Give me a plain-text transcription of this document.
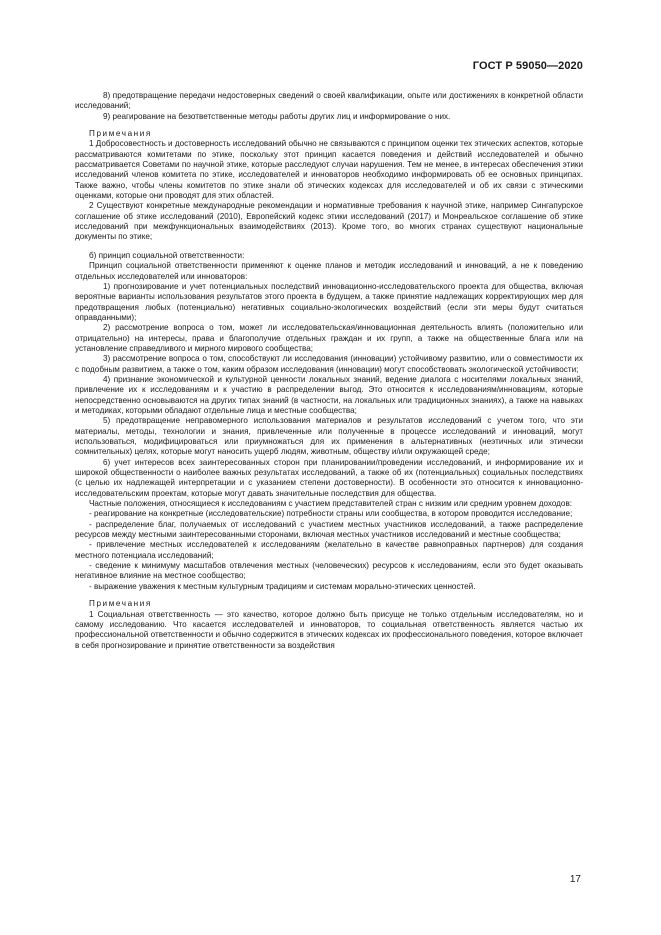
ГОСТ Р 59050—2020

8) предотвращение передачи недостоверных сведений о своей квалификации, опыте или достижениях в конкретной области исследований;

9) реагирование на безответственные методы работы других лиц и информирование о них.

Примечания

1 Добросовестность и достоверность исследований обычно не связываются с принципом оценки тех этических аспектов, которые рассматриваются комитетами по этике, поскольку этот принцип касается поведения и действий исследователей и обычно рассматривается Советами по научной этике, которые расследуют случаи нарушения. Тем не менее, в интересах обеспечения этики исследований членов комитета по этике, исследователей и инноваторов необходимо информировать об ее основных принципах. Также важно, чтобы члены комитетов по этике знали об этических кодексах для исследователей и об их связи с этическими оценками, которые они проводят для этих областей.

2 Существуют конкретные международные рекомендации и нормативные требования к научной этике, например Сингапурское соглашение об этике исследований (2010), Европейский кодекс этики исследований (2017) и Монреальское соглашение об этике исследований при межфункциональных взаимодействиях (2013). Кроме того, во многих странах существуют национальные документы по этике;

б) принцип социальной ответственности:

Принцип социальной ответственности применяют к оценке планов и методик исследований и инноваций, а не к поведению отдельных исследователей или инноваторов:

1) прогнозирование и учет потенциальных последствий инновационно-исследовательского проекта для общества, включая вероятные варианты использования результатов этого проекта в будущем, а также принятие надлежащих корректирующих мер для предотвращения любых (потенциально) негативных социально-экологических воздействий (если эти меры будут считаться оправданными);

2) рассмотрение вопроса о том, может ли исследовательская/инновационная деятельность влиять (положительно или отрицательно) на интересы, права и благополучие отдельных граждан и их групп, а также на общественные блага или на установление справедливого и мирного мирового сообщества;

3) рассмотрение вопроса о том, способствуют ли исследования (инновации) устойчивому развитию, или о совместимости их с подобным развитием, а также о том, каким образом исследования (инновации) могут способствовать экологической устойчивости;

4) признание экономической и культурной ценности локальных знаний, ведение диалога с носителями локальных знаний, привлечение их к исследованиям и к участию в распределении выгод. Это относится к исследованиям/инновациям, которые непосредственно основываются на других типах знаний (в частности, на локальных или традиционных знаниях), а также на навыках и методиках, которыми обладают отдельные лица и местные сообщества;

5) предотвращение неправомерного использования материалов и результатов исследований с учетом того, что эти материалы, методы, технологии и знания, привлеченные или полученные в процессе исследований и инноваций, могут использоваться, модифицироваться или приумножаться для их применения в альтернативных (неэтичных или этически сомнительных) целях, которые могут наносить ущерб людям, животным, обществу и/или окружающей среде;

6) учет интересов всех заинтересованных сторон при планировании/проведении исследований, и информирование их и широкой общественности о наиболее важных результатах исследований, а также об их (потенциальных) социальных последствиях (с целью их надлежащей интерпретации и с указанием степени достоверности). В особенности это относится к инновационно-исследовательским проектам, которые могут давать значительные последствия для общества.

Частные положения, относящиеся к исследованиям с участием представителей стран с низким или средним уровнем доходов:

- реагирование на конкретные (исследовательские) потребности страны или сообщества, в котором проводится исследование;

- распределение благ, получаемых от исследований с участием местных участников исследований, а также распределение ресурсов между местными заинтересованными сторонами, включая местных участников исследований и местные сообщества;

- привлечение местных исследователей к исследованиям (желательно в качестве равноправных партнеров) для создания местного потенциала исследований;

- сведение к минимуму масштабов отвлечения местных (человеческих) ресурсов к исследованиям, если это будет оказывать негативное влияние на местное сообщество;

- выражение уважения к местным культурным традициям и системам морально-этических ценностей.

Примечания

1 Социальная ответственность — это качество, которое должно быть присуще не только отдельным исследователям, но и самому исследованию. Что касается исследователей и инноваторов, то социальная ответственность является частью их профессиональной ответственности и обычно содержится в этических кодексах их профессионального поведения, которое включает в себя прогнозирование и принятие ответственности за воздействия

17
